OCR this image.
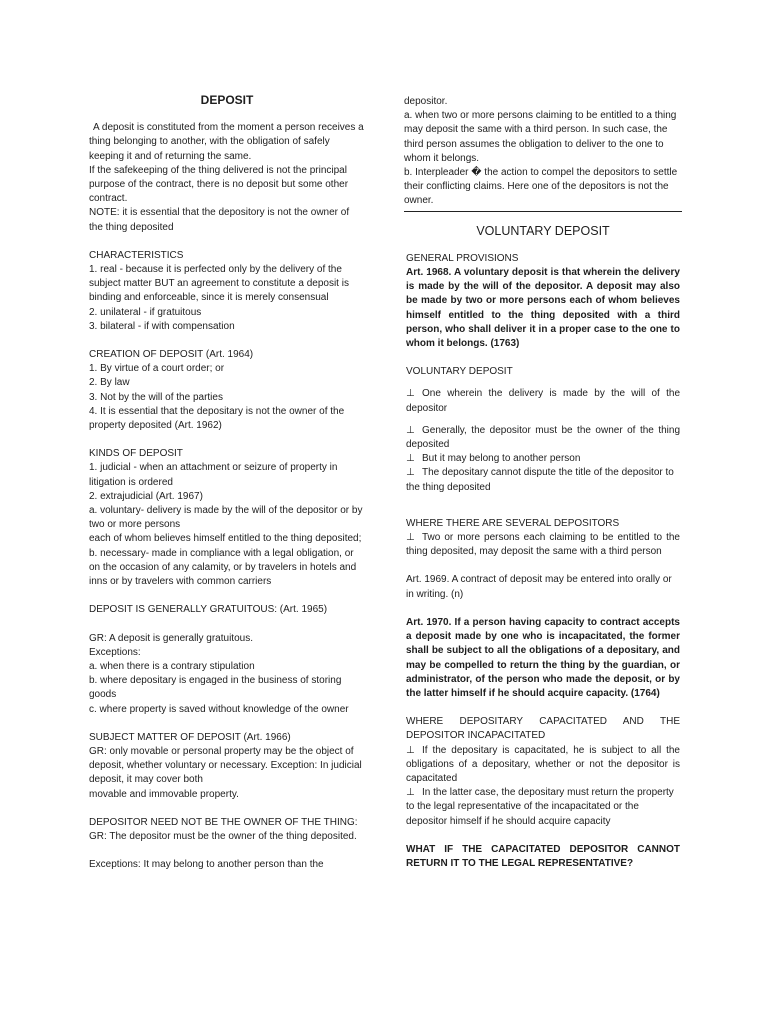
DEPOSIT

A deposit is constituted from the moment a person receives a thing belonging to another, with the obligation of safely keeping it and of returning the same.

If the safekeeping of the thing delivered is not the principal purpose of the contract, there is no deposit but some other contract.

NOTE: it is essential that the depository is not the owner of the thing deposited

CHARACTERISTICS

1. real - because it is perfected only by the delivery of the subject matter BUT an agreement to constitute a deposit is binding and enforceable, since it is merely consensual

2. unilateral - if gratuitous

3. bilateral - if with compensation

CREATION OF DEPOSIT (Art. 1964)

1. By virtue of a court order; or

2. By law

3. Not by the will of the parties

4. It is essential that the depositary is not the owner of the property deposited (Art. 1962)

KINDS OF DEPOSIT

1. judicial - when an attachment or seizure of property in litigation is ordered

2. extrajudicial (Art. 1967)

a. voluntary- delivery is made by the will of the depositor or by two or more persons

each of whom believes himself entitled to the thing deposited;

b. necessary- made in compliance with a legal obligation, or on the occasion of any calamity, or by travelers in hotels and inns or by travelers with common carriers

DEPOSIT IS GENERALLY GRATUITOUS: (Art. 1965)

GR: A deposit is generally gratuitous.

Exceptions:

a. when there is a contrary stipulation

b. where depositary is engaged in the business of storing goods

c. where property is saved without knowledge of the owner

SUBJECT MATTER OF DEPOSIT (Art. 1966)

GR: only movable or personal property may be the object of deposit, whether voluntary or necessary. Exception: In judicial deposit, it may cover both

movable and immovable property.

DEPOSITOR NEED NOT BE THE OWNER OF THE THING:

GR: The depositor must be the owner of the thing deposited.

Exceptions: It may belong to another person than the

depositor.

a. when two or more persons claiming to be entitled to a thing may deposit the same with a third person. In such case, the third person assumes the obligation to deliver to the one to whom it belongs.

b. Interpleader � the action to compel the depositors to settle their conflicting claims. Here one of the depositors is not the owner.

VOLUNTARY DEPOSIT

GENERAL PROVISIONS

Art. 1968. A voluntary deposit is that wherein the delivery is made by the will of the depositor. A deposit may also be made by two or more persons each of whom believes himself entitled to the thing deposited with a third person, who shall deliver it in a proper case to the one to whom it belongs. (1763)

VOLUNTARY DEPOSIT

⊥ One wherein the delivery is made by the will of the depositor

⊥ Generally, the depositor must be the owner of the thing deposited

⊥ But it may belong to another person

⊥ The depositary cannot dispute the title of the depositor to the thing deposited

WHERE THERE ARE SEVERAL DEPOSITORS

⊥ Two or more persons each claiming to be entitled to the thing deposited, may deposit the same with a third person

Art. 1969. A contract of deposit may be entered into orally or in writing. (n)

Art. 1970. If a person having capacity to contract accepts a deposit made by one who is incapacitated, the former shall be subject to all the obligations of a depositary, and may be compelled to return the thing by the guardian, or administrator, of the person who made the deposit, or by the latter himself if he should acquire capacity. (1764)

WHERE DEPOSITARY CAPACITATED AND THE DEPOSITOR INCAPACITATED

⊥ If the depositary is capacitated, he is subject to all the obligations of a depositary, whether or not the depositor is capacitated

⊥ In the latter case, the depositary must return the property to the legal representative of the incapacitated or the depositor himself if he should acquire capacity

WHAT IF THE CAPACITATED DEPOSITOR CANNOT RETURN IT TO THE LEGAL REPRESENTATIVE?
